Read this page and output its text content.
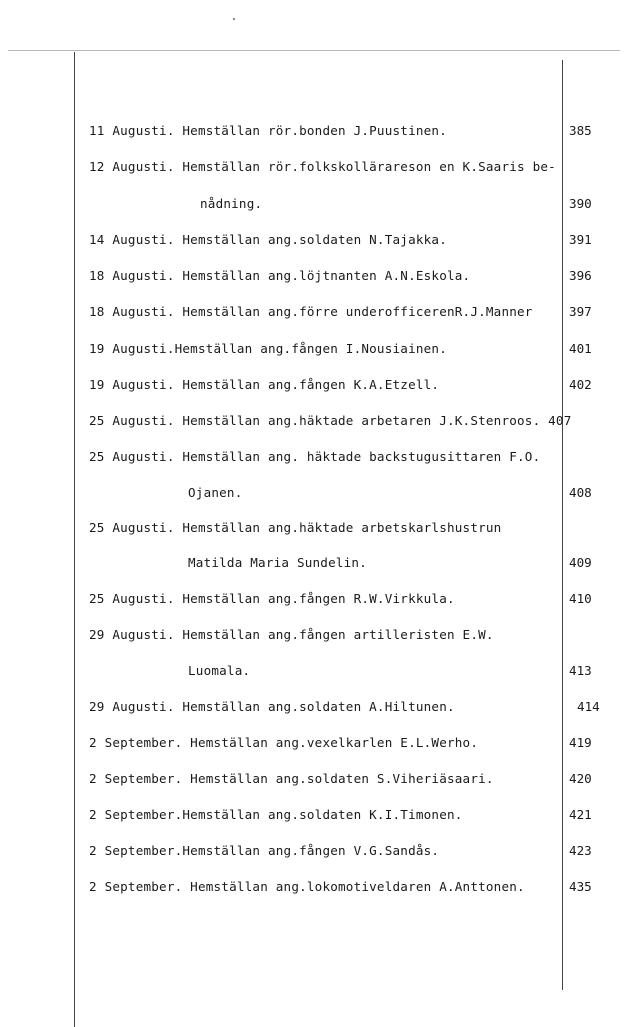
11 Augusti. Hemställan rör.bonden J.Puustinen.	385
12 Augusti. Hemställan rör.folkskollärareson en K.Saaris be-
nådning.	390
14 Augusti. Hemställan ang.soldaten N.Tajakka.	391
18 Augusti. Hemställan ang.löjtnanten A.N.Eskola.	396
18 Augusti. Hemställan ang.förre underofficerenR.J.Manner	397
19 Augusti.Hemställan ang.fången I.Nousiainen.	401
19 Augusti. Hemställan ang.fången K.A.Etzell.	402
25 Augusti. Hemställan ang.häktade arbetaren J.K.Stenroos. 407
25 Augusti. Hemställan ang. häktade backstugusittaren F.O.
Ojanen.	408
25 Augusti. Hemställan ang.häktade arbetskarlshustrun
Matilda Maria Sundelin.	409
25 Augusti. Hemställan ang.fången R.W.Virkkula.	410
29 Augusti. Hemställan ang.fången artilleristen E.W.
Luomala.	413
29 Augusti. Hemställan ang.soldaten A.Hiltunen.	414
2 September. Hemställan ang.vexelkarlen E.L.Werho.	419
2 September. Hemställan ang.soldaten S.Viheriäsaari.	420
2 September.Hemställan ang.soldaten K.I.Timonen.	421
2 September.Hemställan ang.fången V.G.Sandås.	423
2 September. Hemställan ang.lokomotiveldaren A.Anttonen.	435
